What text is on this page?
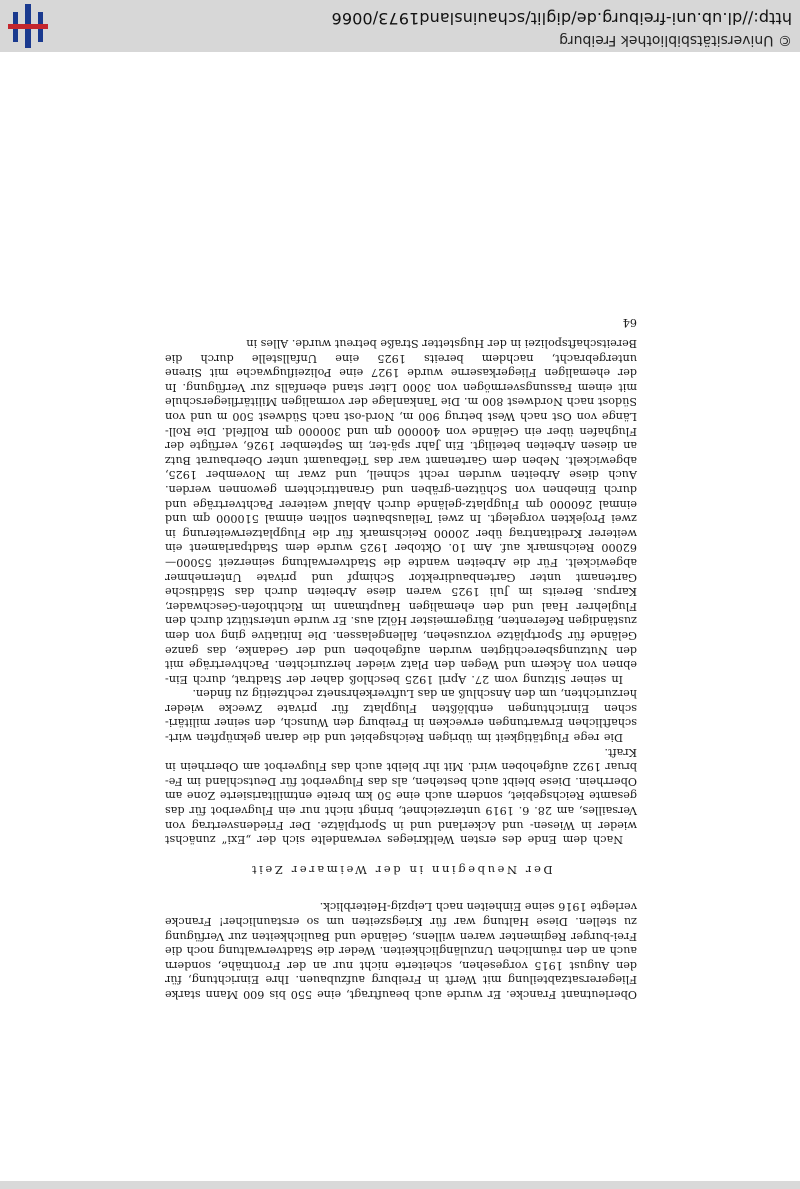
Oberleutnant Francke. Er wurde auch beauftragt, eine 550 bis 600 Mann starke Fliegerersatzabteilung mit Werft in Freiburg aufzubauen. Ihre Einrichtung, für den August 1915 vorgesehen, scheiterte nicht nur an der Frontnähe, sondern auch an den räumlichen Unzulänglichkeiten. Weder die Stadtverwaltung noch die Frei-burger Regimenter waren willens, Gelände und Baulichkeiten zur Verfügung zu stellen. Diese Haltung war für Kriegszeiten um so erstaunlicher! Francke verlegte 1916 seine Einheiten nach Leipzig-Heiterblick.

Der Neubeginn in der Weimarer Zeit

Nach dem Ende des ersten Weltkrieges verwandelte sich der „Exi“ zunächst wieder in Wiesen- und Ackerland und in Sportplätze. Der Friedensvertrag von Versailles, am 28. 6. 1919 unterzeichnet, bringt nicht nur ein Flugverbot für das gesamte Reichsgebiet, sondern auch eine 50 km breite entmilitarisierte Zone am Oberrhein. Diese bleibt auch bestehen, als das Flugverbot für Deutschland im Fe-bruar 1922 aufgehoben wird. Mit ihr bleibt auch das Flugverbot am Oberrhein in Kraft.

Die rege Flugtätigkeit im übrigen Reichsgebiet und die daran geknüpften wirt-schaftlichen Erwartungen erwecken in Freiburg den Wunsch, den seiner militäri-schen Einrichtungen entblößten Flugplatz für private Zwecke wieder herzurichten, um den Anschluß an das Luftverkehrsnetz rechtzeitig zu finden.

In seiner Sitzung vom 27. April 1925 beschloß daher der Stadtrat, durch Ein-ebnen von Äckern und Wegen den Platz wieder herzurichten. Pachtverträge mit den Nutzungsberechtigten wurden aufgehoben und der Gedanke, das ganze Gelände für Sportplätze vorzusehen, fallengelassen. Die Initiative ging von dem zuständigen Referenten, Bürgermeister Hölzl aus. Er wurde unterstützt durch den Fluglehrer Haal und den ehemaligen Hauptmann im Richthofen-Geschwader, Karpus. Bereits im Juli 1925 waren diese Arbeiten durch das Städtische Gartenamt unter Gartenbaudirektor Schimpf und private Unternehmer abgewickelt. Für die Arbeiten wandte die Stadtverwaltung seinerzeit 55000—62000 Reichsmark auf. Am 10. Oktober 1925 wurde dem Stadtparlament ein weiterer Kreditantrag über 20000 Reichsmark für die Flugplatzerweiterung in zwei Projekten vorgelegt. In zwei Teilausbauten sollten einmal 510000 qm und einmal 260000 qm Flugplatz-gelände durch Ablauf weiterer Pachtverträge und durch Einebnen von Schützen-gräben und Granattrichtern gewonnen werden. Auch diese Arbeiten wurden recht schnell, und zwar im November 1925, abgewickelt. Neben dem Gartenamt war das Tiefbauamt unter Oberbaurat Butz an diesen Arbeiten beteiligt. Ein Jahr spä-ter, im September 1926, verfügte der Flughafen über ein Gelände von 400000 qm und 300000 qm Rollfeld. Die Roll-Länge von Ost nach West betrug 900 m, Nord-ost nach Südwest 500 m und von Südost nach Nordwest 800 m. Die Tankanlage der vormaligen Militärfliegerschule mit einem Fassungsvermögen von 3000 Liter stand ebenfalls zur Verfügung. In der ehemaligen Fliegerkaserne wurde 1927 eine Polizeiflugwache mit Sirene untergebracht, nachdem bereits 1925 eine Unfallstelle durch die Bereitschaftspolizei in der Hugstetter Straße betreut wurde. Alles in

64

© Universitätsbibliothek Freiburg
http://dl.ub.uni-freiburg.de/diglit/schauinsland1973/0066
